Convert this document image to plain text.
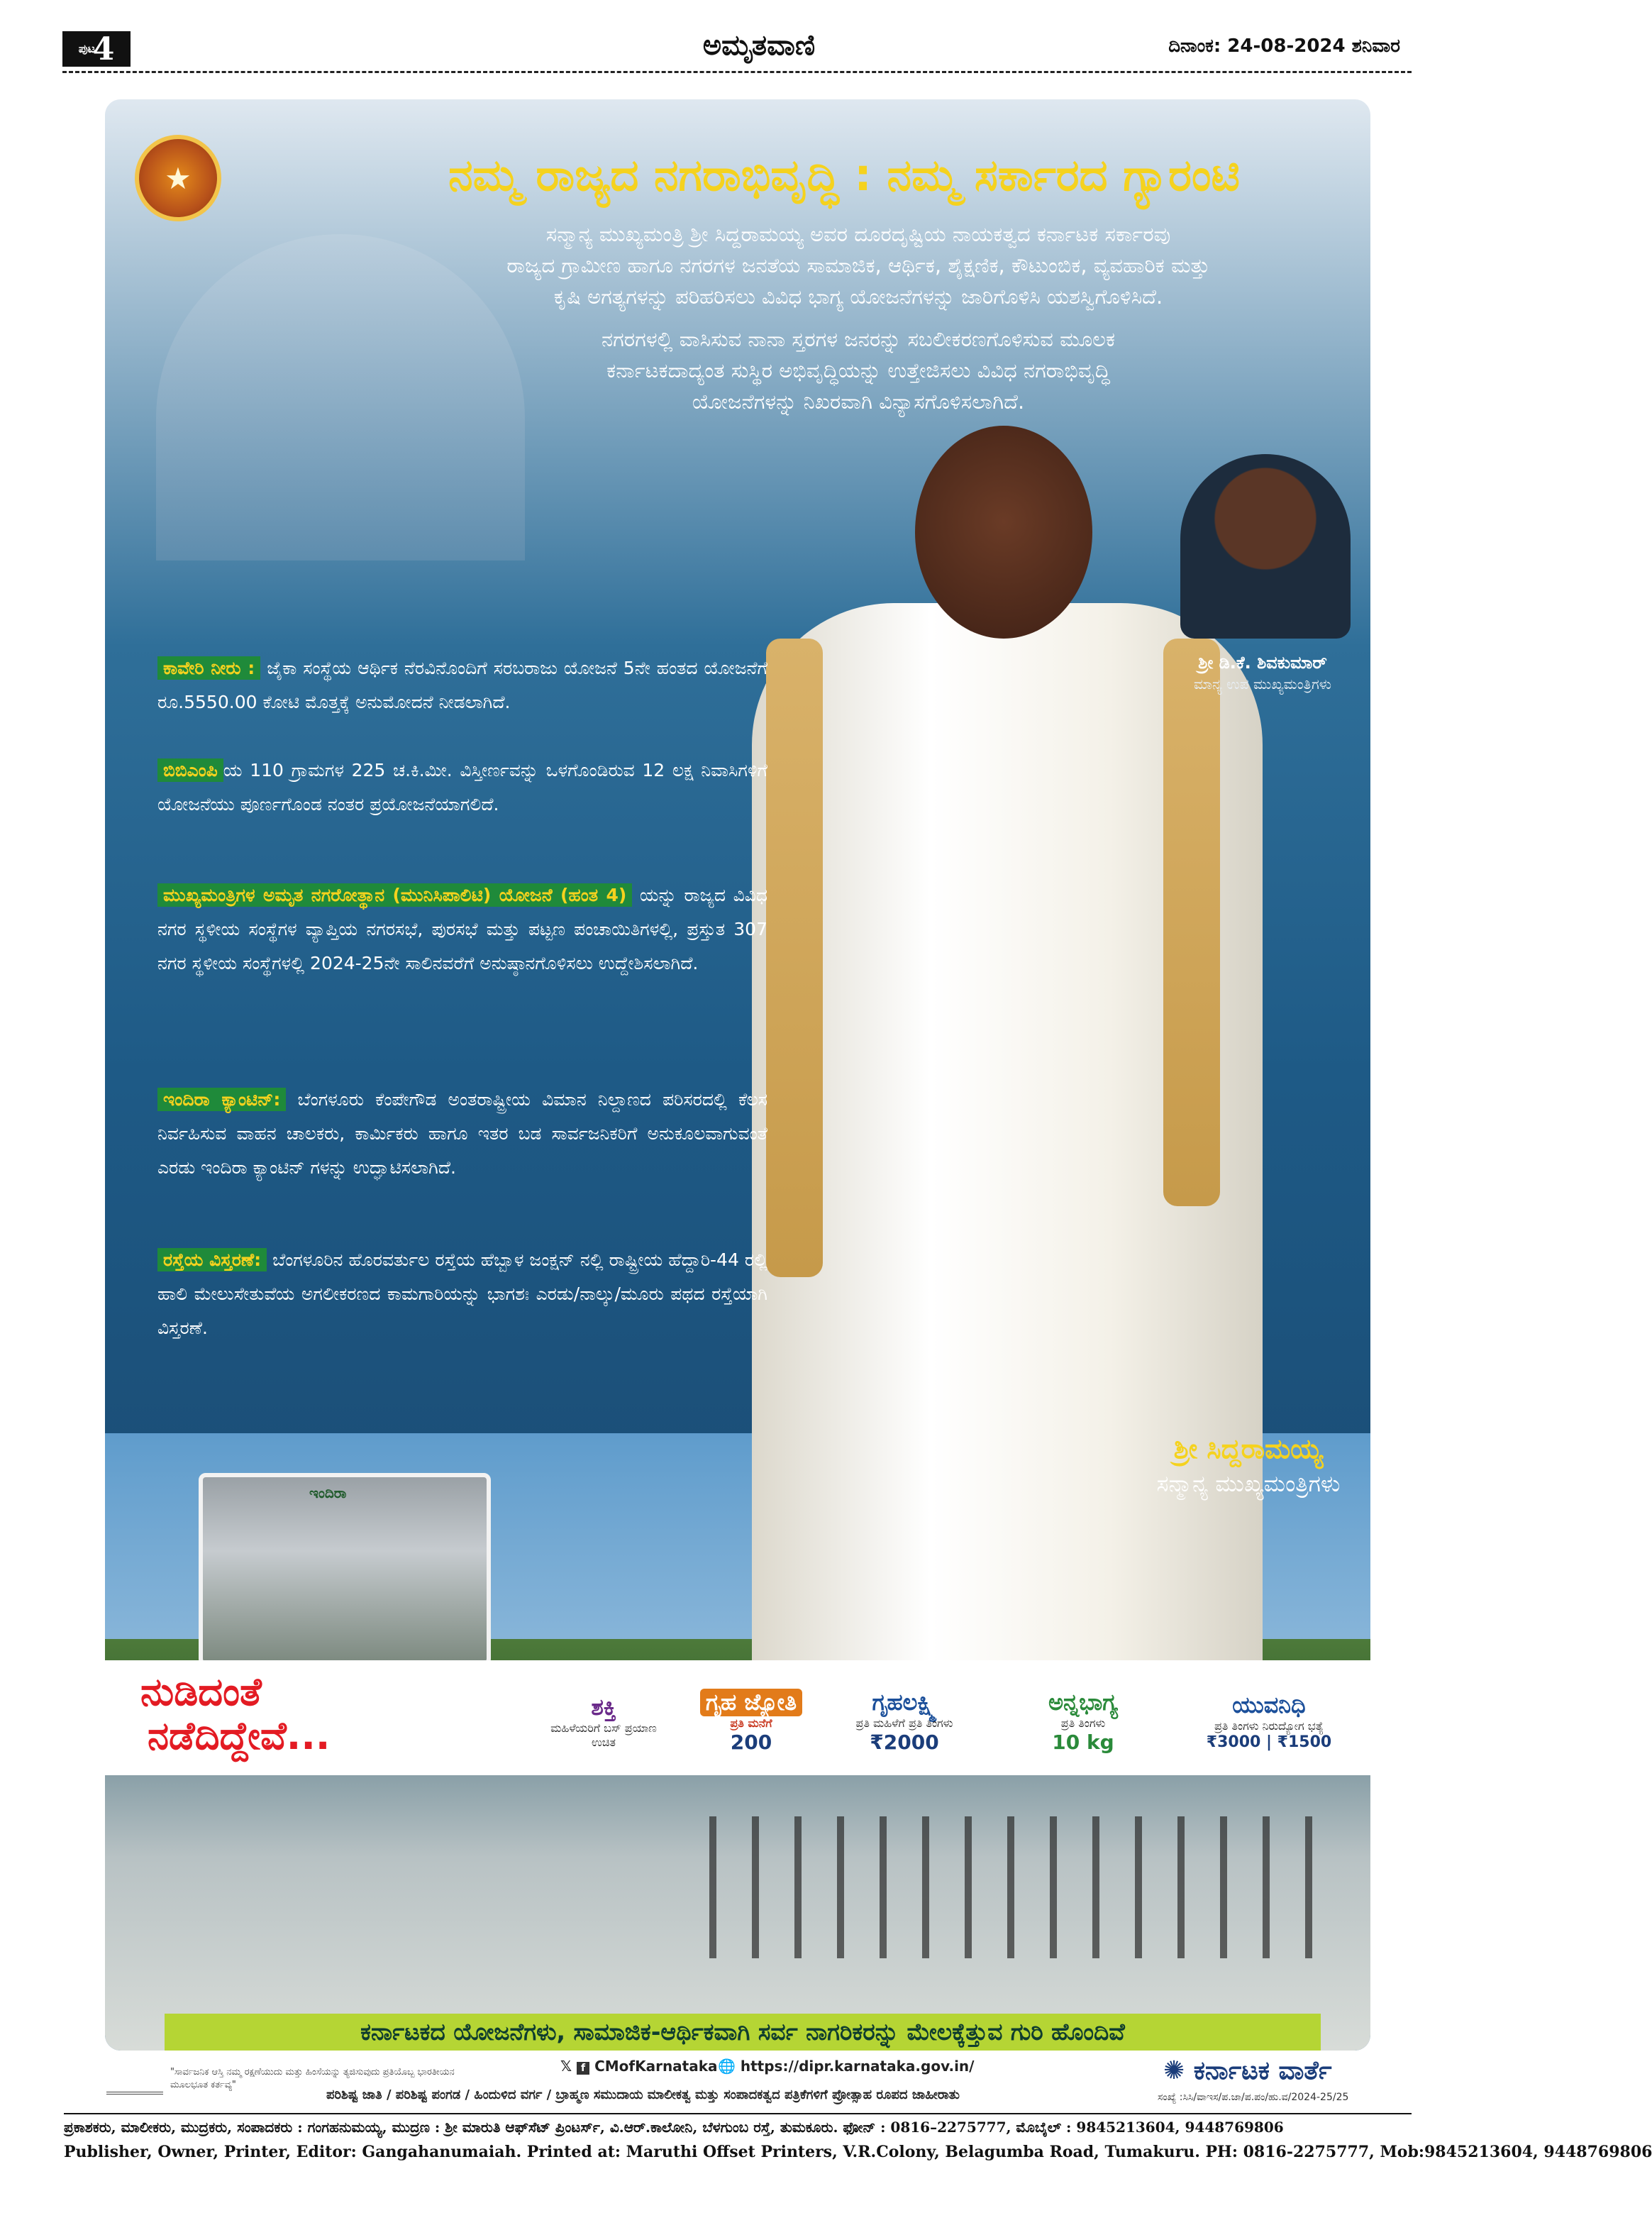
ಪುಟ
4	ಅಮೃತವಾಣಿ	ದಿನಾಂಕ: 24-08-2024 ಶನಿವಾರ
★	ನಮ್ಮ ರಾಜ್ಯದ ನಗರಾಭಿವೃದ್ಧಿ : ನಮ್ಮ ಸರ್ಕಾರದ ಗ್ಯಾರಂಟಿ
ಸನ್ಮಾನ್ಯ ಮುಖ್ಯಮಂತ್ರಿ ಶ್ರೀ ಸಿದ್ದರಾಮಯ್ಯ ಅವರ ದೂರದೃಷ್ಟಿಯ ನಾಯಕತ್ವದ ಕರ್ನಾಟಕ ಸರ್ಕಾರವು
ರಾಜ್ಯದ ಗ್ರಾಮೀಣ ಹಾಗೂ ನಗರಗಳ ಜನತೆಯ ಸಾಮಾಜಿಕ, ಆರ್ಥಿಕ, ಶೈಕ್ಷಣಿಕ, ಕೌಟುಂಬಿಕ, ವ್ಯವಹಾರಿಕ ಮತ್ತು
ಕೃಷಿ ಅಗತ್ಯಗಳನ್ನು ಪರಿಹರಿಸಲು ವಿವಿಧ ಭಾಗ್ಯ ಯೋಜನೆಗಳನ್ನು ಜಾರಿಗೊಳಿಸಿ ಯಶಸ್ವಿಗೊಳಿಸಿದೆ.
ನಗರಗಳಲ್ಲಿ ವಾಸಿಸುವ ನಾನಾ ಸ್ತರಗಳ ಜನರನ್ನು ಸಬಲೀಕರಣಗೊಳಿಸುವ ಮೂಲಕ
ಕರ್ನಾಟಕದಾದ್ಯಂತ ಸುಸ್ಥಿರ ಅಭಿವೃದ್ಧಿಯನ್ನು ಉತ್ತೇಜಿಸಲು ವಿವಿಧ ನಗರಾಭಿವೃದ್ಧಿ
ಯೋಜನೆಗಳನ್ನು ನಿಖರವಾಗಿ ವಿನ್ಯಾಸಗೊಳಿಸಲಾಗಿದೆ.
ಶ್ರೀ ಡಿ.ಕೆ. ಶಿವಕುಮಾರ್
ಮಾನ್ಯ ಉಪ ಮುಖ್ಯಮಂತ್ರಿಗಳು
ಕಾವೇರಿ ನೀರು : ಜೈಕಾ ಸಂಸ್ಥೆಯ ಆರ್ಥಿಕ ನೆರವಿನೊಂದಿಗೆ ಸರಬರಾಜು ಯೋಜನೆ 5ನೇ ಹಂತದ ಯೋಜನೆಗೆ ರೂ.5550.00 ಕೋಟಿ ಮೊತ್ತಕ್ಕೆ ಅನುಮೋದನೆ ನೀಡಲಾಗಿದೆ.
ಬಿಬಿಎಂಪಿ ಯ 110 ಗ್ರಾಮಗಳ 225 ಚ.ಕಿ.ಮೀ. ವಿಸ್ತೀರ್ಣವನ್ನು ಒಳಗೊಂಡಿರುವ 12 ಲಕ್ಷ ನಿವಾಸಿಗಳಿಗೆ ಯೋಜನೆಯು ಪೂರ್ಣಗೊಂಡ ನಂತರ ಪ್ರಯೋಜನೆಯಾಗಲಿದೆ.
ಮುಖ್ಯಮಂತ್ರಿಗಳ ಅಮೃತ ನಗರೋತ್ಥಾನ (ಮುನಿಸಿಪಾಲಿಟಿ) ಯೋಜನೆ (ಹಂತ 4) ಯನ್ನು ರಾಜ್ಯದ ವಿವಿಧ ನಗರ ಸ್ಥಳೀಯ ಸಂಸ್ಥೆಗಳ ವ್ಯಾಪ್ತಿಯ ನಗರಸಭೆ, ಪುರಸಭೆ ಮತ್ತು ಪಟ್ಟಣ ಪಂಚಾಯಿತಿಗಳಲ್ಲಿ, ಪ್ರಸ್ತುತ 307 ನಗರ ಸ್ಥಳೀಯ ಸಂಸ್ಥೆಗಳಲ್ಲಿ 2024-25ನೇ ಸಾಲಿನವರೆಗೆ ಅನುಷ್ಠಾನಗೊಳಿಸಲು ಉದ್ದೇಶಿಸಲಾಗಿದೆ.
ಇಂದಿರಾ ಕ್ಯಾಂಟಿನ್: ಬೆಂಗಳೂರು ಕೆಂಪೇಗೌಡ ಅಂತರಾಷ್ಟ್ರೀಯ ವಿಮಾನ ನಿಲ್ದಾಣದ ಪರಿಸರದಲ್ಲಿ ಕೆಲಸ ನಿರ್ವಹಿಸುವ ವಾಹನ ಚಾಲಕರು, ಕಾರ್ಮಿಕರು ಹಾಗೂ ಇತರ ಬಡ ಸಾರ್ವಜನಿಕರಿಗೆ ಅನುಕೂಲವಾಗುವಂತೆ ಎರಡು ಇಂದಿರಾ ಕ್ಯಾಂಟಿನ್ ಗಳನ್ನು ಉದ್ಘಾಟಿಸಲಾಗಿದೆ.
ರಸ್ತೆಯ ವಿಸ್ತರಣೆ: ಬೆಂಗಳೂರಿನ ಹೊರವರ್ತುಲ ರಸ್ತೆಯ ಹೆಬ್ಬಾಳ ಜಂಕ್ಷನ್ ನಲ್ಲಿ ರಾಷ್ಟ್ರೀಯ ಹೆದ್ದಾರಿ-44 ರಲ್ಲಿ ಹಾಲಿ ಮೇಲುಸೇತುವೆಯ ಅಗಲೀಕರಣದ ಕಾಮಗಾರಿಯನ್ನು ಭಾಗಶಃ ಎರಡು/ನಾಲ್ಕು/ಮೂರು ಪಥದ ರಸ್ತೆಯಾಗಿ ವಿಸ್ತರಣೆ.
ಇಂದಿರಾ
ಶ್ರೀ ಸಿದ್ದರಾಮಯ್ಯ
ಸನ್ಮಾನ್ಯ ಮುಖ್ಯಮಂತ್ರಿಗಳು
ನುಡಿದಂತೆ
ನಡೆದಿದ್ದೇವೆ...
ಶಕ್ತಿ
ಮಹಿಳೆಯರಿಗೆ ಬಸ್ ಪ್ರಯಾಣ ಉಚಿತ
ಗೃಹ ಜ್ಯೋತಿ
ಪ್ರತಿ ಮನೆಗೆ
200
ಗೃಹಲಕ್ಷ್ಮಿ
ಪ್ರತಿ ಮಹಿಳೆಗೆ ಪ್ರತಿ ತಿಂಗಳು
₹2000
ಅನ್ನಭಾಗ್ಯ
ಪ್ರತಿ ತಿಂಗಳು
10 kg
ಯುವನಿಧಿ
ಪ್ರತಿ ತಿಂಗಳು ನಿರುದ್ಯೋಗ ಭತ್ಯೆ
₹3000 | ₹1500
ಕರ್ನಾಟಕದ ಯೋಜನೆಗಳು, ಸಾಮಾಜಿಕ-ಆರ್ಥಿಕವಾಗಿ ಸರ್ವ ನಾಗರಿಕರನ್ನು ಮೇಲಕ್ಕೆತ್ತುವ ಗುರಿ ಹೊಂದಿವೆ
"ಸಾರ್ವಜನಿಕ ಆಸ್ತಿ ನಮ್ಮ ರಕ್ಷಣೆಯುದು ಮತ್ತು ಹಿಂಸೆಯನ್ನು ತ್ಯಜಿಸುವುದು ಪ್ರತಿಯೊಬ್ಬ ಭಾರತೀಯನ ಮೂಲಭೂತ ಕರ್ತವ್ಯ"
𝕏 f CMofKarnataka 🌐 https://dipr.karnataka.gov.in/	✺ ಕರ್ನಾಟಕ ವಾರ್ತೆ
ಪರಿಶಿಷ್ಟ ಜಾತಿ / ಪರಿಶಿಷ್ಟ ಪಂಗಡ / ಹಿಂದುಳಿದ ವರ್ಗ / ಬ್ರಾಹ್ಮಣ ಸಮುದಾಯ ಮಾಲೀಕತ್ವ ಮತ್ತು ಸಂಪಾದಕತ್ವದ ಪತ್ರಿಕೆಗಳಿಗೆ ಪ್ರೋತ್ಸಾಹ ರೂಪದ ಜಾಹೀರಾತು	ಸಂಖ್ಯೆ :ಸಿಸಿ/ವಾಇಸ/ಪ.ಜಾ/ಪ.ಪಂ/ಹು.ವ/2024-25/25
ಪ್ರಕಾಶಕರು, ಮಾಲೀಕರು, ಮುದ್ರಕರು, ಸಂಪಾದಕರು : ಗಂಗಹನುಮಯ್ಯ, ಮುದ್ರಣ : ಶ್ರೀ ಮಾರುತಿ ಆಫ್‌ಸೆಟ್ ಪ್ರಿಂಟರ್ಸ್, ವಿ.ಆರ್.ಕಾಲೋನಿ, ಬೆಳಗುಂಬ ರಸ್ತೆ, ತುಮಕೂರು. ಫೋನ್ : 0816–2275777, ಮೊಬೈಲ್ : 9845213604, 9448769806
Publisher, Owner, Printer, Editor: Gangahanumaiah. Printed at: Maruthi Offset Printers, V.R.Colony, Belagumba Road, Tumakuru. PH: 0816-2275777, Mob:9845213604, 9448769806
